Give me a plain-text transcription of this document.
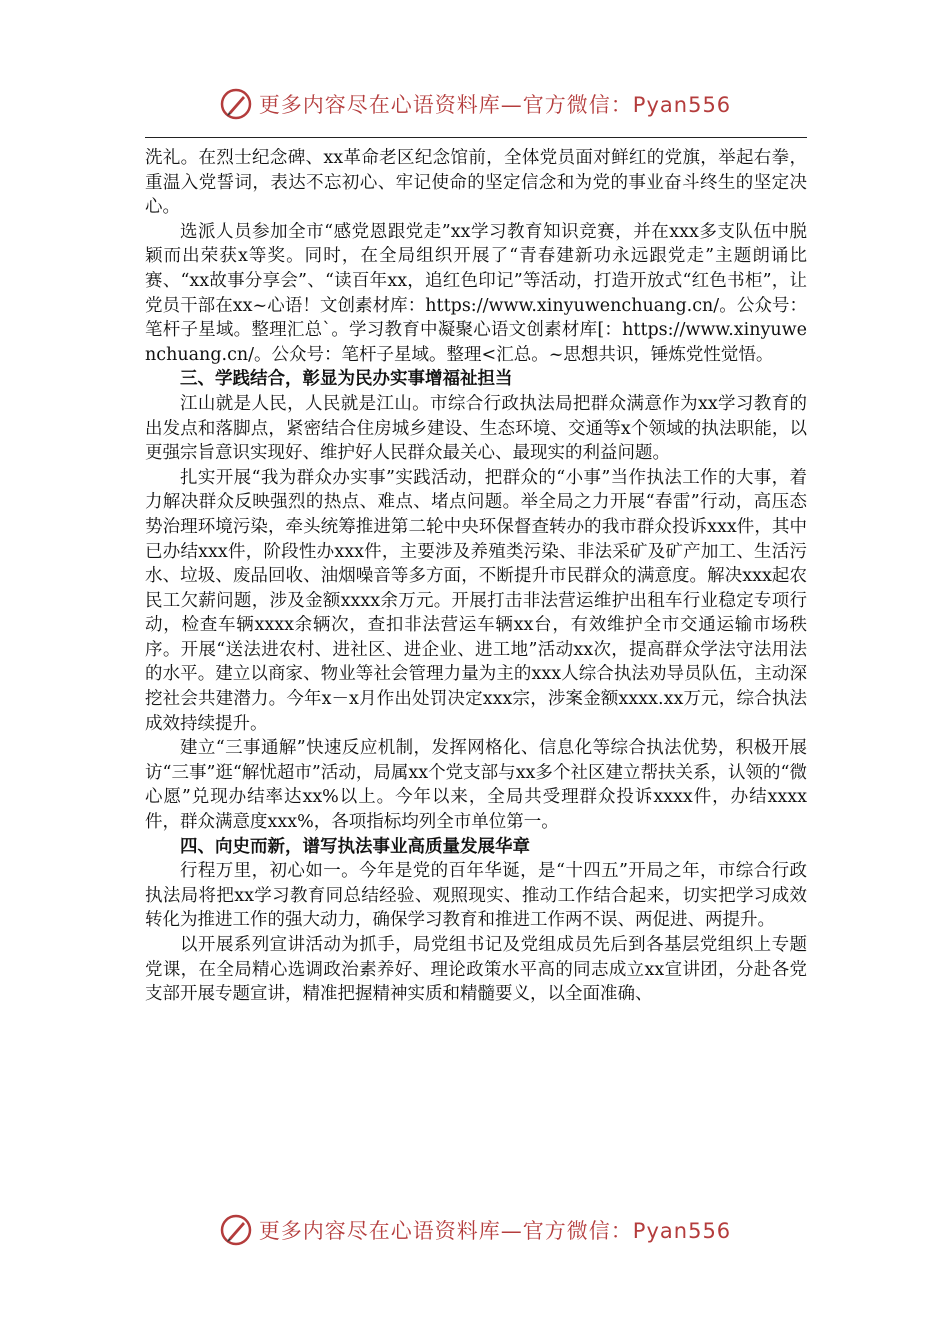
更多内容尽在心语资料库—官方微信：Pyan556

洗礼。在烈士纪念碑、xx革命老区纪念馆前，全体党员面对鲜红的党旗，举起右拳，重温入党誓词，表达不忘初心、牢记使命的坚定信念和为党的事业奋斗终生的坚定决心。

选派人员参加全市“感党恩跟党走”xx学习教育知识竞赛，并在xxx多支队伍中脱颖而出荣获x等奖。同时，在全局组织开展了“青春建新功永远跟党走”主题朗诵比赛、“xx故事分享会”、“读百年xx，追红色印记”等活动，打造开放式“红色书柜”，让党员干部在xx~心语！文创素材库：https://www.xinyuwenchuang.cn/。公众号：笔杆子星域。整理汇总`。学习教育中凝聚心语文创素材库[：https://www.xinyuwenchuang.cn/。公众号：笔杆子星域。整理<汇总。~思想共识，锤炼党性觉悟。

三、学践结合，彰显为民办实事增福祉担当

江山就是人民，人民就是江山。市综合行政执法局把群众满意作为xx学习教育的出发点和落脚点，紧密结合住房城乡建设、生态环境、交通等x个领域的执法职能，以更强宗旨意识实现好、维护好人民群众最关心、最现实的利益问题。

扎实开展“我为群众办实事”实践活动，把群众的“小事”当作执法工作的大事，着力解决群众反映强烈的热点、难点、堵点问题。举全局之力开展“春雷”行动，高压态势治理环境污染，牵头统筹推进第二轮中央环保督查转办的我市群众投诉xxx件，其中已办结xxx件，阶段性办xxx件，主要涉及养殖类污染、非法采矿及矿产加工、生活污水、垃圾、废品回收、油烟噪音等多方面，不断提升市民群众的满意度。解决xxx起农民工欠薪问题，涉及金额xxxx余万元。开展打击非法营运维护出租车行业稳定专项行动，检查车辆xxxx余辆次，查扣非法营运车辆xx台，有效维护全市交通运输市场秩序。开展“送法进农村、进社区、进企业、进工地”活动xx次，提高群众学法守法用法的水平。建立以商家、物业等社会管理力量为主的xxx人综合执法劝导员队伍，主动深挖社会共建潜力。今年x－x月作出处罚决定xxx宗，涉案金额xxxx.xx万元，综合执法成效持续提升。

建立“三事通解”快速反应机制，发挥网格化、信息化等综合执法优势，积极开展访“三事”逛“解忧超市”活动，局属xx个党支部与xx多个社区建立帮扶关系，认领的“微心愿”兑现办结率达xx%以上。今年以来，全局共受理群众投诉xxxx件，办结xxxx件，群众满意度xxx%，各项指标均列全市单位第一。

四、向史而新，谱写执法事业高质量发展华章

行程万里，初心如一。今年是党的百年华诞，是“十四五”开局之年，市综合行政执法局将把xx学习教育同总结经验、观照现实、推动工作结合起来，切实把学习成效转化为推进工作的强大动力，确保学习教育和推进工作两不误、两促进、两提升。

以开展系列宣讲活动为抓手，局党组书记及党组成员先后到各基层党组织上专题党课，在全局精心选调政治素养好、理论政策水平高的同志成立xx宣讲团，分赴各党支部开展专题宣讲，精准把握精神实质和精髓要义，以全面准确、

更多内容尽在心语资料库—官方微信：Pyan556
